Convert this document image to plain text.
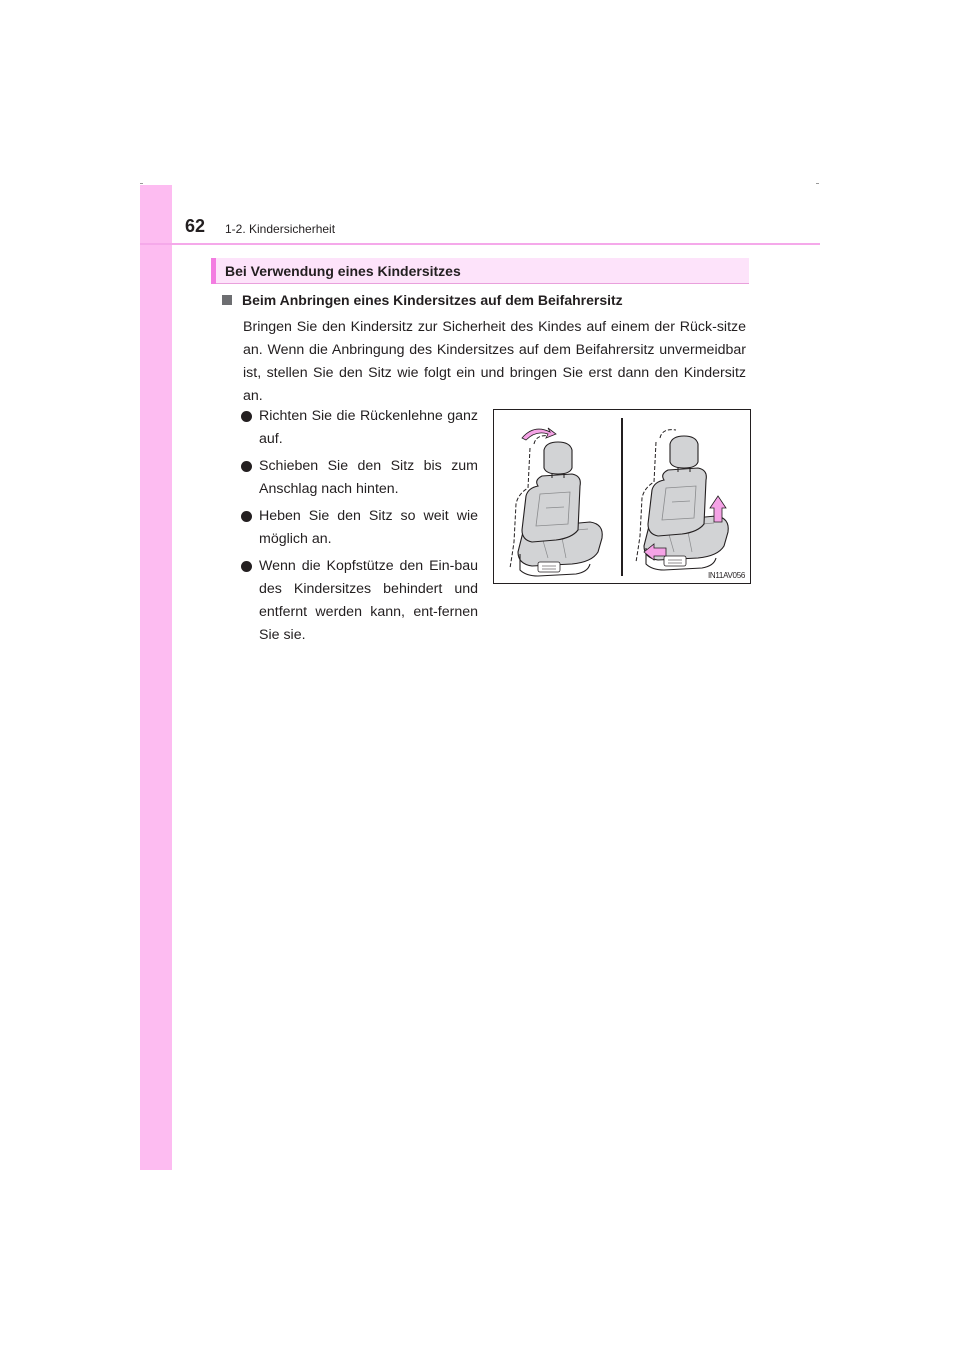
62 1-2. Kindersicherheit
Bei Verwendung eines Kindersitzes
Beim Anbringen eines Kindersitzes auf dem Beifahrersitz
Bringen Sie den Kindersitz zur Sicherheit des Kindes auf einem der Rück-sitze an. Wenn die Anbringung des Kindersitzes auf dem Beifahrersitz unvermeidbar ist, stellen Sie den Sitz wie folgt ein und bringen Sie erst dann den Kindersitz an.
Richten Sie die Rückenlehne ganz auf.
Schieben Sie den Sitz bis zum Anschlag nach hinten.
Heben Sie den Sitz so weit wie möglich an.
Wenn die Kopfstütze den Ein-bau des Kindersitzes behindert und entfernt werden kann, ent-fernen Sie sie.
IN11AV056
